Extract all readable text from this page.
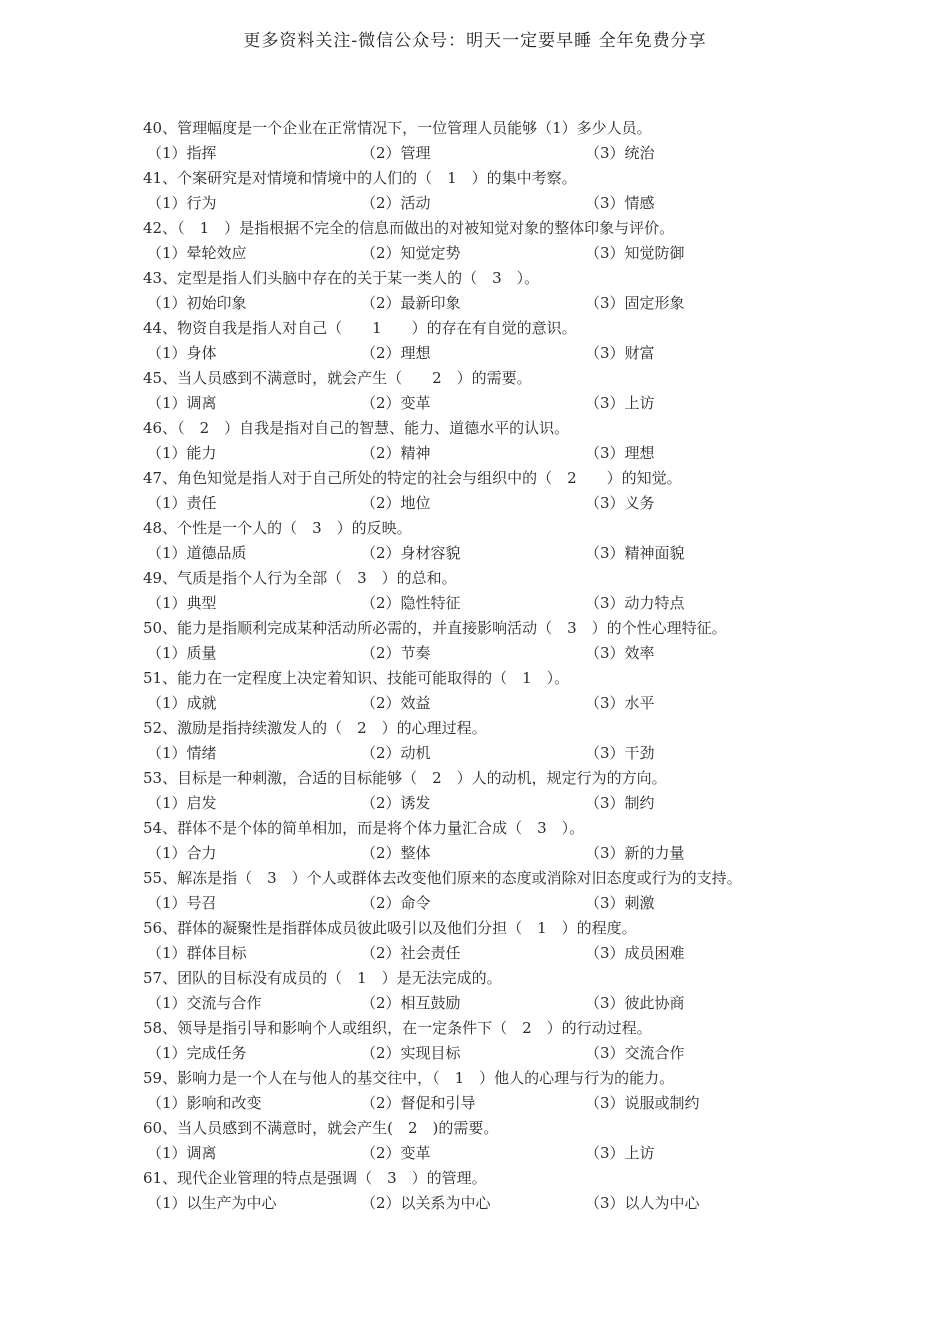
更多资料关注-微信公众号：明天一定要早睡 全年免费分享
40、管理幅度是一个企业在正常情况下，一位管理人员能够（1）多少人员。
（1）指挥	（2）管理	（3）统治
41、个案研究是对情境和情境中的人们的（　1　）的集中考察。
（1）行为	（2）活动	（3）情感
42、（　1　）是指根据不完全的信息而做出的对被知觉对象的整体印象与评价。
（1）晕轮效应	（2）知觉定势	（3）知觉防御
43、定型是指人们头脑中存在的关于某一类人的（　3　）。
（1）初始印象	（2）最新印象	（3）固定形象
44、物资自我是指人对自己（　　1　　）的存在有自觉的意识。
（1）身体	（2）理想	（3）财富
45、当人员感到不满意时，就会产生（　　2　）的需要。
（1）调离	（2）变革	（3）上访
46、（　2　）自我是指对自己的智慧、能力、道德水平的认识。
（1）能力	（2）精神	（3）理想
47、角色知觉是指人对于自己所处的特定的社会与组织中的（　2　　）的知觉。
（1）责任	（2）地位	（3）义务
48、个性是一个人的（　3　）的反映。
（1）道德品质	（2）身材容貌	（3）精神面貌
49、气质是指个人行为全部（　3　）的总和。
（1）典型	（2）隐性特征	（3）动力特点
50、能力是指顺利完成某种活动所必需的，并直接影响活动（　3　）的个性心理特征。
（1）质量	（2）节奏	（3）效率
51、能力在一定程度上决定着知识、技能可能取得的（　1　）。
（1）成就	（2）效益	（3）水平
52、激励是指持续激发人的（　2　）的心理过程。
（1）情绪	（2）动机	（3）干劲
53、目标是一种刺激，合适的目标能够（　2　）人的动机，规定行为的方向。
（1）启发	（2）诱发	（3）制约
54、群体不是个体的简单相加，而是将个体力量汇合成（　3　）。
（1）合力	（2）整体	（3）新的力量
55、解冻是指（　3　）个人或群体去改变他们原来的态度或消除对旧态度或行为的支持。
（1）号召	（2）命令	（3）刺激
56、群体的凝聚性是指群体成员彼此吸引以及他们分担（　1　）的程度。
（1）群体目标	（2）社会责任	（3）成员困难
57、团队的目标没有成员的（　1　）是无法完成的。
（1）交流与合作	（2）相互鼓励	（3）彼此协商
58、领导是指引导和影响个人或组织，在一定条件下（　2　）的行动过程。
（1）完成任务	（2）实现目标	（3）交流合作
59、影响力是一个人在与他人的基交往中，（　1　）他人的心理与行为的能力。
（1）影响和改变	（2）督促和引导	（3）说服或制约
60、当人员感到不满意时，就会产生(　2　)的需要。
（1）调离	（2）变革	（3）上访
61、现代企业管理的特点是强调（　3　）的管理。
（1）以生产为中心	（2）以关系为中心	（3）以人为中心
